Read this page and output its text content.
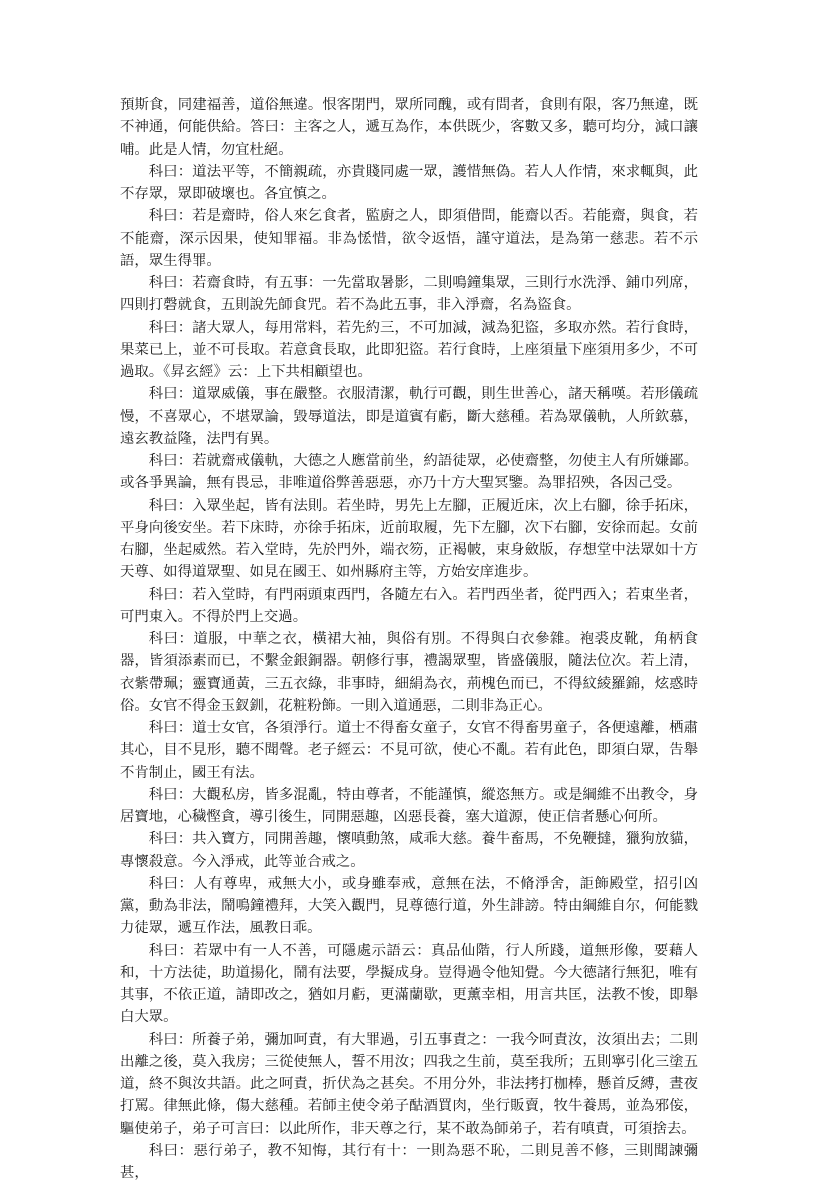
預斯食，同建福善，道俗無違。恨客閉門，眾所同醜，或有問者，食則有限，客乃無違，既不神通，何能供給。答曰：主客之人，遞互為作，本供既少，客數又多，聽可均分，減口讓哺。此是人情，勿宜杜絕。

科曰：道法平等，不簡親疏，亦貴賤同處一眾，護惜無偽。若人人作情，來求輒與，此不存眾，眾即破壞也。各宜慎之。

科曰：若是齋時，俗人來乞食者，監廚之人，即須借問，能齋以否。若能齋，與食，若不能齋，深示因果，使知罪福。非為恡惜，欲令返悟，謹守道法，是為第一慈悲。若不示語，眾生得罪。

科曰：若齋食時，有五事：一先當取暑影，二則鳴鐘集眾，三則行水洗淨、鋪巾列席，四則打磬就食，五則說先師食咒。若不為此五事，非入淨齋，名為盜食。

科曰：諸大眾人，每用常料，若先約三，不可加減，減為犯盜，多取亦然。若行食時，果菜已上，並不可長取。若意貪長取，此即犯盜。若行食時，上座須量下座須用多少，不可過取。《昇玄經》云：上下共相顧望也。

科曰：道眾威儀，事在嚴整。衣服清潔，軌行可觀，則生世善心，諸天稱嘆。若形儀疏慢，不喜眾心，不堪眾論，毀辱道法，即是道賓有虧，斷大慈種。若為眾儀軌，人所欽慕，遠玄教益隆，法門有異。

科曰：若就齋戒儀軌，大德之人應當前坐，約語徒眾，必使齋整，勿使主人有所嫌鄙。或各爭異論，無有畏忌，非唯道俗弊善惡惡，亦乃十方大聖冥鑒。為罪招殃，各因己受。

科曰：入眾坐起，皆有法則。若坐時，男先上左腳，正履近床，次上右腳，徐手拓床，平身向後安坐。若下床時，亦徐手拓床，近前取履，先下左腳，次下右腳，安徐而起。女前右腳，坐起威然。若入堂時，先於門外，端衣笏，正褐帔，束身斂版，存想堂中法眾如十方天尊、如得道眾聖、如見在國王、如州縣府主等，方始安庠進步。

科曰：若入堂時，有門兩頭東西門，各隨左右入。若門西坐者，從門西入；若東坐者，可門東入。不得於門上交過。

科曰：道服，中華之衣，橫裙大袖，與俗有別。不得與白衣參雜。袍裘皮靴，角柄食器，皆須添素而已，不繫金銀銅器。朝修行事，禮謁眾聖，皆盛儀服，隨法位次。若上清，衣紫帶珮；靈寶通黃，三五衣綠，非事時，細絹為衣，荊槐色而已，不得紋綾羅錦，炫惑時俗。女官不得金玉釵釧，花粧粉飾。一則入道通惡，二則非為正心。

科曰：道士女官，各須淨行。道士不得畜女童子，女官不得畜男童子，各便遠離，栖肅其心，目不見形，聽不聞聲。老子經云：不見可欲，使心不亂。若有此色，即須白眾，告舉不肯制止，國王有法。

科曰：大觀私房，皆多混亂，特由尊者，不能謹慎，縱恣無方。或是綱維不出教令，身居寶地，心穢慳貪，導引後生，同開惡趣，凶惡長養，塞大道源，使正信者懸心何所。

科曰：共入寶方，同開善趣，懷嗔動煞，咸乖大慈。養牛畜馬，不免鞭撻，獵狗放貓，專懷殺意。今入淨戒，此等並合戒之。

科曰：人有尊卑，戒無大小，或身雖奉戒，意無在法，不脩淨舍，詎飾殿堂，招引凶黨，動為非法，鬧鳴鐘禮拜，大笑入觀門，見尊德行道，外生誹謗。特由綱維自尔，何能戮力徒眾，遞互作法，風教日乖。

科曰：若眾中有一人不善，可隱處示語云：真品仙階，行人所踐，道無形像，要藉人和，十方法徒，助道揚化，鬧有法要，學擬成身。豈得過令他知覺。今大德諸行無犯，唯有其事，不依正道，請即改之，猶如月虧，更滿蘭歇，更薰幸相，用言共匡，法教不悛，即舉白大眾。

科曰：所養子弟，彌加呵責，有大罪過，引五事責之：一我今呵責汝，汝須出去；二則出離之後，莫入我房；三從使無人，誓不用汝；四我之生前，莫至我所；五則寧引化三塗五道，終不與汝共語。此之呵責，折伏為之甚矣。不用分外，非法拷打枷棒，懸首反縛，晝夜打罵。律無此條，傷大慈種。若師主使令弟子酤酒買肉，坐行販賣，牧牛養馬，並為邪侫，驅使弟子，弟子可言曰：以此所作，非天尊之行，某不敢為師弟子，若有嗔責，可須捨去。

科曰：惡行弟子，教不知悔，其行有十：一則為惡不恥，二則見善不修，三則聞諫彌甚，
